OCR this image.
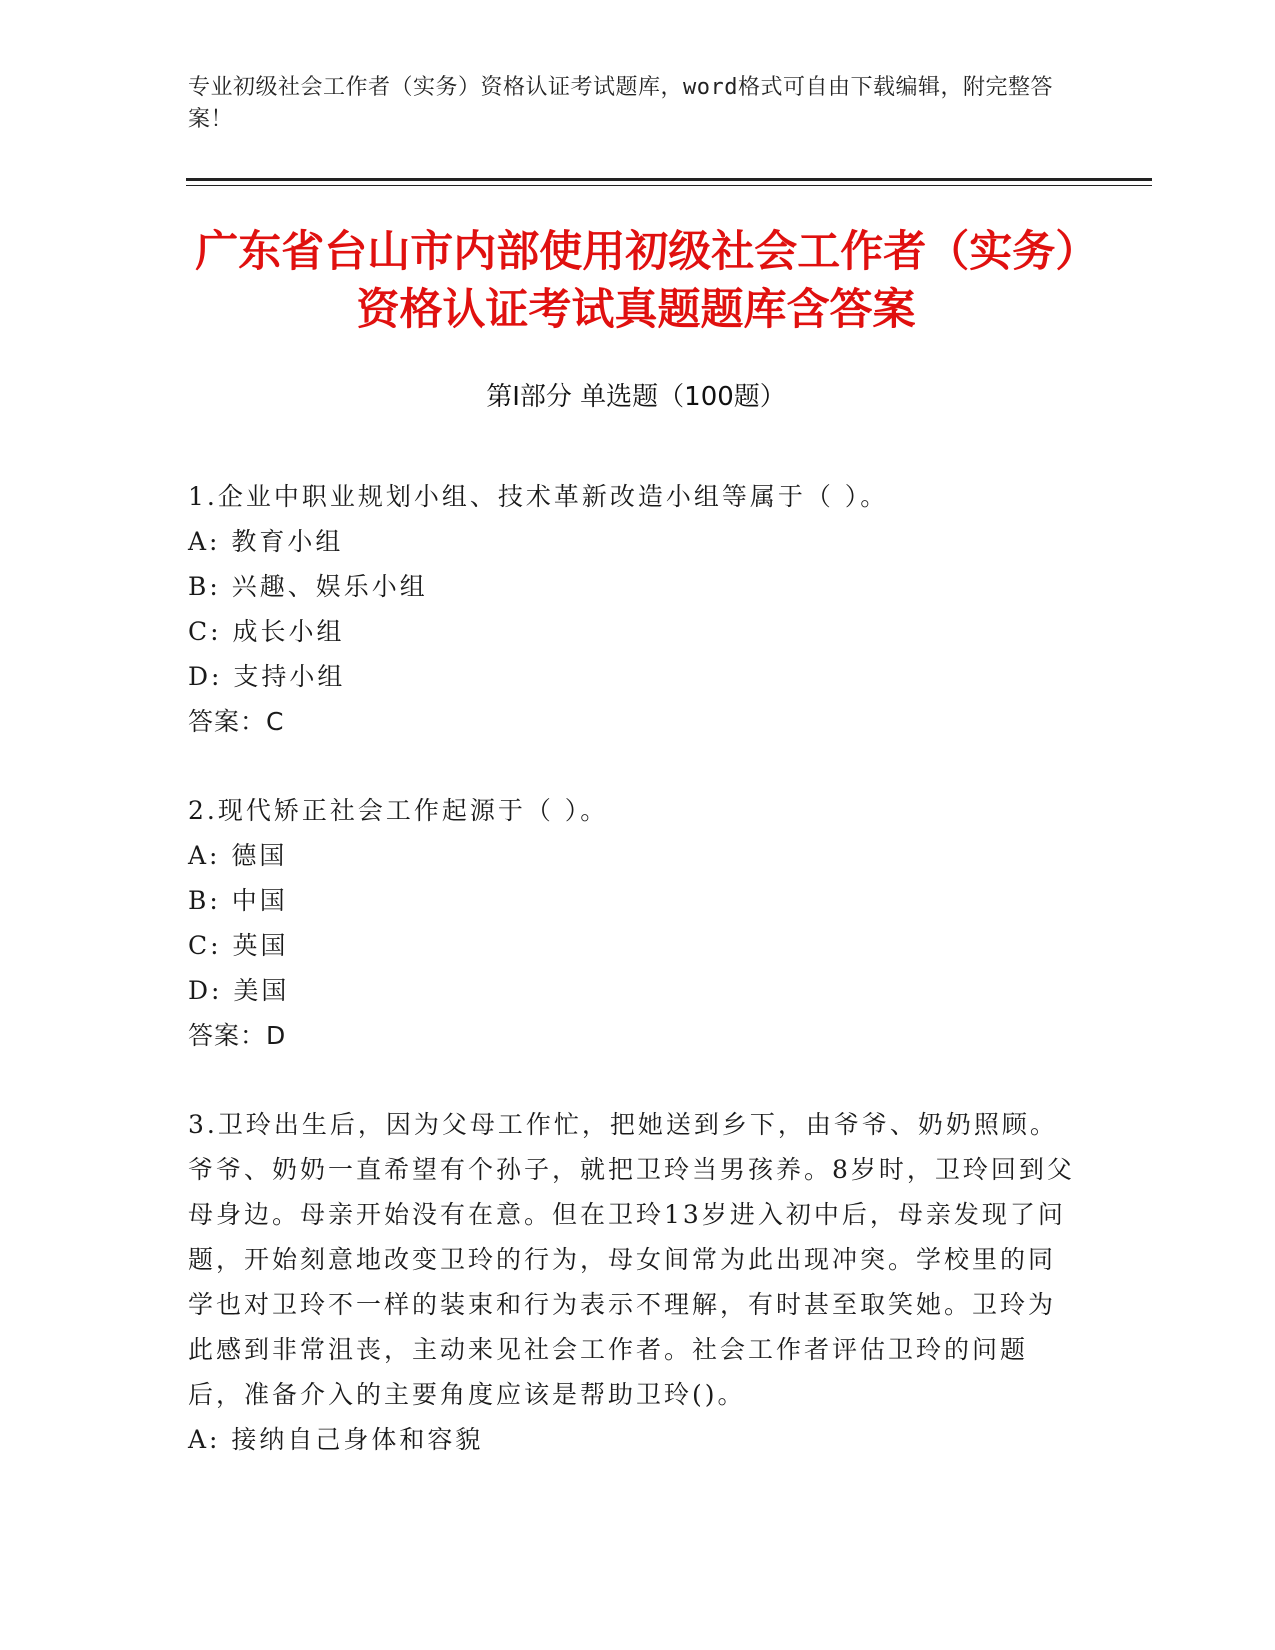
专业初级社会工作者（实务）资格认证考试题库，word格式可自由下载编辑，附完整答案！
广东省台山市内部使用初级社会工作者（实务）资格认证考试真题题库含答案
第Ⅰ部分 单选题（100题）
1.企业中职业规划小组、技术革新改造小组等属于（ ）。
A: 教育小组
B: 兴趣、娱乐小组
C: 成长小组
D: 支持小组
答案：C
2.现代矫正社会工作起源于（ ）。
A: 德国
B: 中国
C: 英国
D: 美国
答案：D
3.卫玲出生后，因为父母工作忙，把她送到乡下，由爷爷、奶奶照顾。爷爷、奶奶一直希望有个孙子，就把卫玲当男孩养。8岁时，卫玲回到父母身边。母亲开始没有在意。但在卫玲13岁进入初中后，母亲发现了问题，开始刻意地改变卫玲的行为，母女间常为此出现冲突。学校里的同学也对卫玲不一样的装束和行为表示不理解，有时甚至取笑她。卫玲为此感到非常沮丧，主动来见社会工作者。社会工作者评估卫玲的问题后，准备介入的主要角度应该是帮助卫玲()。
A: 接纳自己身体和容貌
